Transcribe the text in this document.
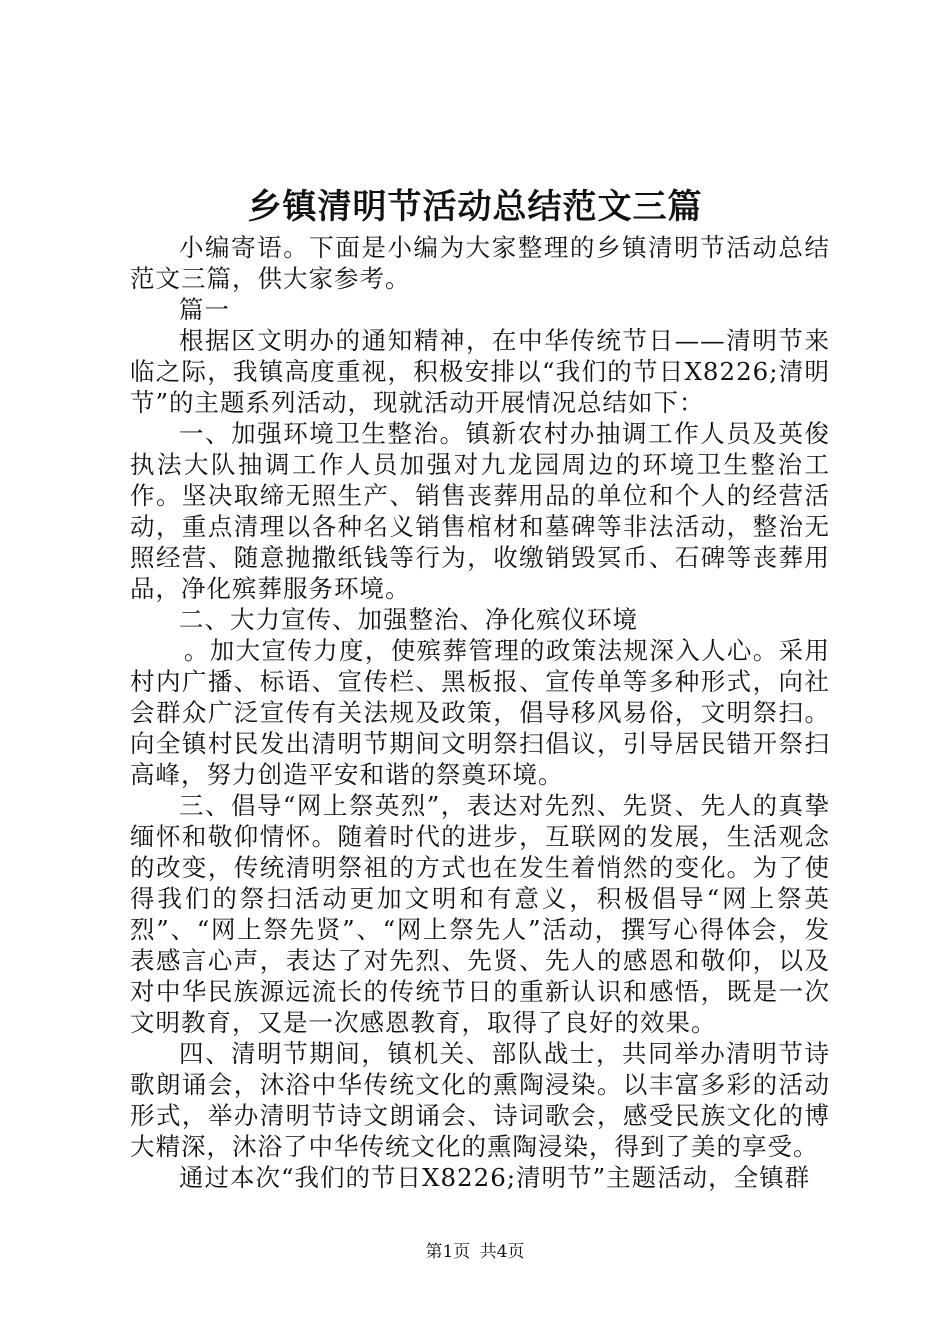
乡镇清明节活动总结范文三篇

小编寄语。下面是小编为大家整理的乡镇清明节活动总结范文三篇，供大家参考。

篇一

根据区文明办的通知精神，在中华传统节日——清明节来临之际，我镇高度重视，积极安排以“我们的节日X8226;清明节”的主题系列活动，现就活动开展情况总结如下：

一、加强环境卫生整治。镇新农村办抽调工作人员及英俊执法大队抽调工作人员加强对九龙园周边的环境卫生整治工作。坚决取缔无照生产、销售丧葬用品的单位和个人的经营活动，重点清理以各种名义销售棺材和墓碑等非法活动，整治无照经营、随意抛撒纸钱等行为，收缴销毁冥币、石碑等丧葬用品，净化殡葬服务环境。

二、大力宣传、加强整治、净化殡仪环境

。加大宣传力度，使殡葬管理的政策法规深入人心。采用村内广播、标语、宣传栏、黑板报、宣传单等多种形式，向社会群众广泛宣传有关法规及政策，倡导移风易俗，文明祭扫。向全镇村民发出清明节期间文明祭扫倡议，引导居民错开祭扫高峰，努力创造平安和谐的祭奠环境。

三、倡导“网上祭英烈”，表达对先烈、先贤、先人的真挚缅怀和敬仰情怀。随着时代的进步，互联网的发展，生活观念的改变，传统清明祭祖的方式也在发生着悄然的变化。为了使得我们的祭扫活动更加文明和有意义，积极倡导“网上祭英烈”、“网上祭先贤”、“网上祭先人”活动，撰写心得体会，发表感言心声，表达了对先烈、先贤、先人的感恩和敬仰，以及对中华民族源远流长的传统节日的重新认识和感悟，既是一次文明教育，又是一次感恩教育，取得了良好的效果。

四、清明节期间，镇机关、部队战士，共同举办清明节诗歌朗诵会，沐浴中华传统文化的熏陶浸染。以丰富多彩的活动形式，举办清明节诗文朗诵会、诗词歌会，感受民族文化的博大精深，沐浴了中华传统文化的熏陶浸染，得到了美的享受。

通过本次“我们的节日X8226;清明节”主题活动，全镇群

第1页 共4页
